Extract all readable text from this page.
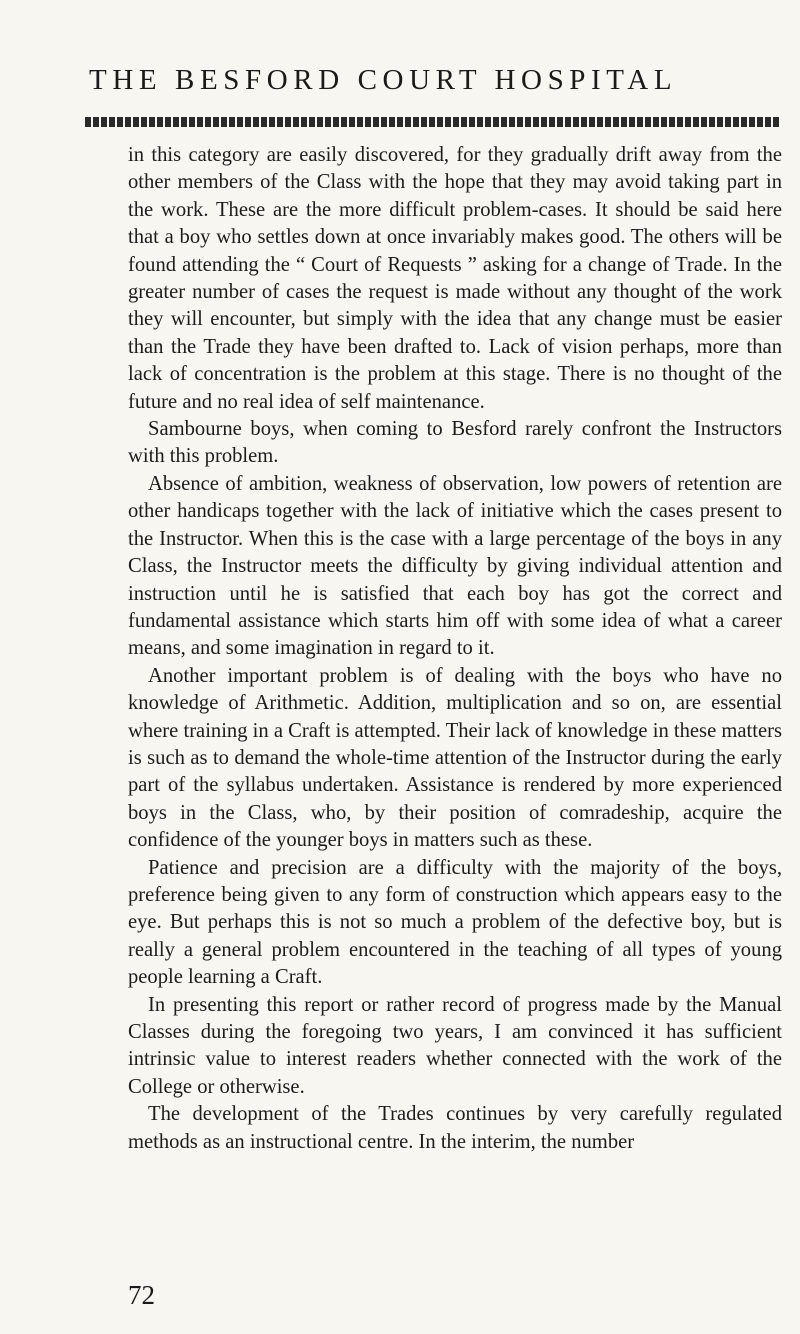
THE BESFORD COURT HOSPITAL

in this category are easily discovered, for they gradually drift away from the other members of the Class with the hope that they may avoid taking part in the work. These are the more difficult problem-cases. It should be said here that a boy who settles down at once invariably makes good. The others will be found attending the “ Court of Requests ” asking for a change of Trade. In the greater number of cases the request is made without any thought of the work they will encounter, but simply with the idea that any change must be easier than the Trade they have been drafted to. Lack of vision perhaps, more than lack of concentration is the problem at this stage. There is no thought of the future and no real idea of self maintenance.

Sambourne boys, when coming to Besford rarely confront the Instructors with this problem.

Absence of ambition, weakness of observation, low powers of retention are other handicaps together with the lack of initiative which the cases present to the Instructor. When this is the case with a large percentage of the boys in any Class, the Instructor meets the difficulty by giving individual attention and instruction until he is satisfied that each boy has got the correct and fundamental assistance which starts him off with some idea of what a career means, and some imagination in regard to it.

Another important problem is of dealing with the boys who have no knowledge of Arithmetic. Addition, multiplication and so on, are essential where training in a Craft is attempted. Their lack of knowledge in these matters is such as to demand the whole-time attention of the Instructor during the early part of the syllabus undertaken. Assistance is rendered by more experienced boys in the Class, who, by their position of comradeship, acquire the confidence of the younger boys in matters such as these.

Patience and precision are a difficulty with the majority of the boys, preference being given to any form of construction which appears easy to the eye. But perhaps this is not so much a problem of the defective boy, but is really a general problem encountered in the teaching of all types of young people learning a Craft.

In presenting this report or rather record of progress made by the Manual Classes during the foregoing two years, I am convinced it has sufficient intrinsic value to interest readers whether connected with the work of the College or otherwise.

The development of the Trades continues by very carefully regulated methods as an instructional centre. In the interim, the number

72
